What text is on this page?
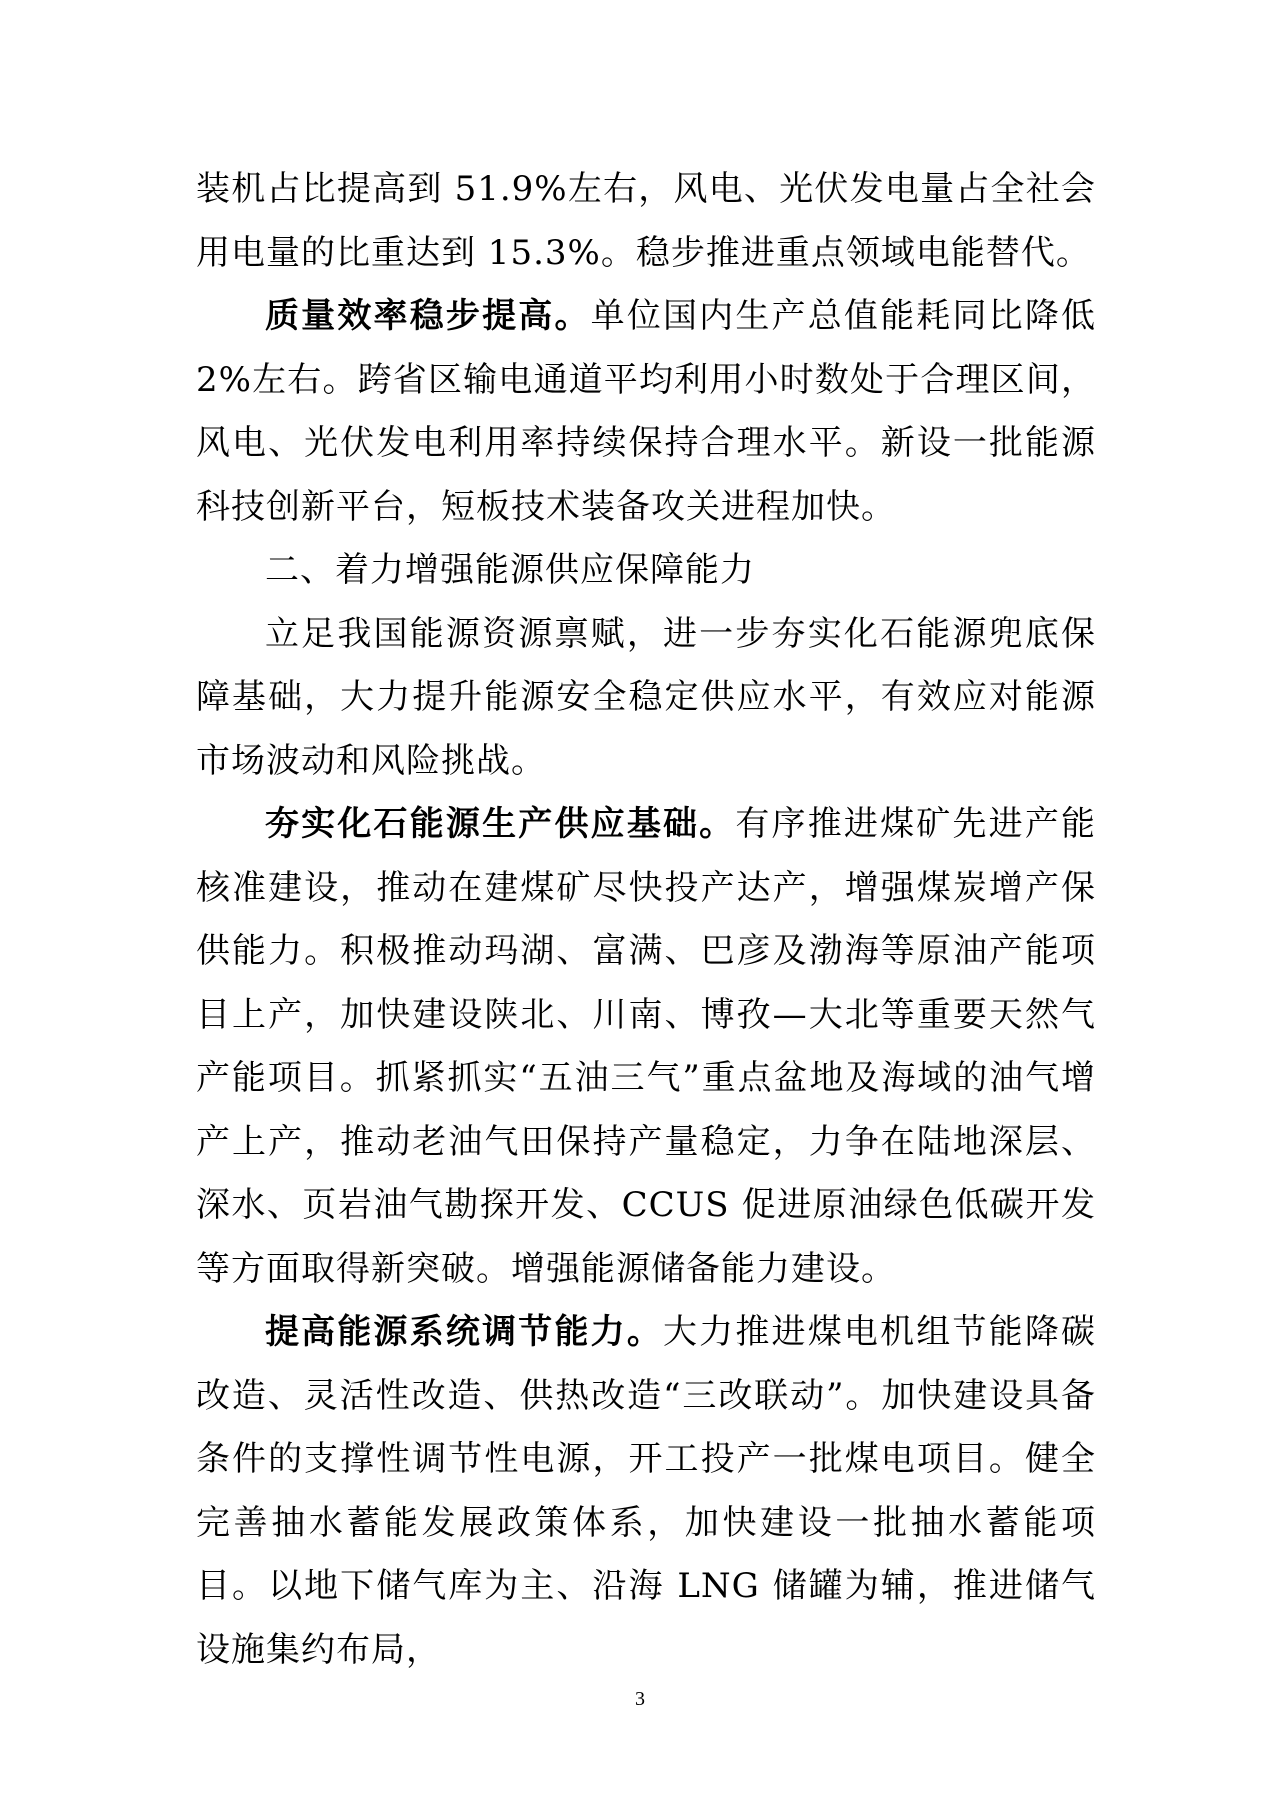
装机占比提高到 51.9%左右，风电、光伏发电量占全社会用电量的比重达到 15.3%。稳步推进重点领域电能替代。

质量效率稳步提高。单位国内生产总值能耗同比降低 2%左右。跨省区输电通道平均利用小时数处于合理区间，风电、光伏发电利用率持续保持合理水平。新设一批能源科技创新平台，短板技术装备攻关进程加快。

二、着力增强能源供应保障能力

立足我国能源资源禀赋，进一步夯实化石能源兜底保障基础，大力提升能源安全稳定供应水平，有效应对能源市场波动和风险挑战。

夯实化石能源生产供应基础。有序推进煤矿先进产能核准建设，推动在建煤矿尽快投产达产，增强煤炭增产保供能力。积极推动玛湖、富满、巴彦及渤海等原油产能项目上产，加快建设陕北、川南、博孜—大北等重要天然气产能项目。抓紧抓实“五油三气”重点盆地及海域的油气增产上产，推动老油气田保持产量稳定，力争在陆地深层、深水、页岩油气勘探开发、CCUS 促进原油绿色低碳开发等方面取得新突破。增强能源储备能力建设。

提高能源系统调节能力。大力推进煤电机组节能降碳改造、灵活性改造、供热改造“三改联动”。加快建设具备条件的支撑性调节性电源，开工投产一批煤电项目。健全完善抽水蓄能发展政策体系，加快建设一批抽水蓄能项目。以地下储气库为主、沿海 LNG 储罐为辅，推进储气设施集约布局，

3
